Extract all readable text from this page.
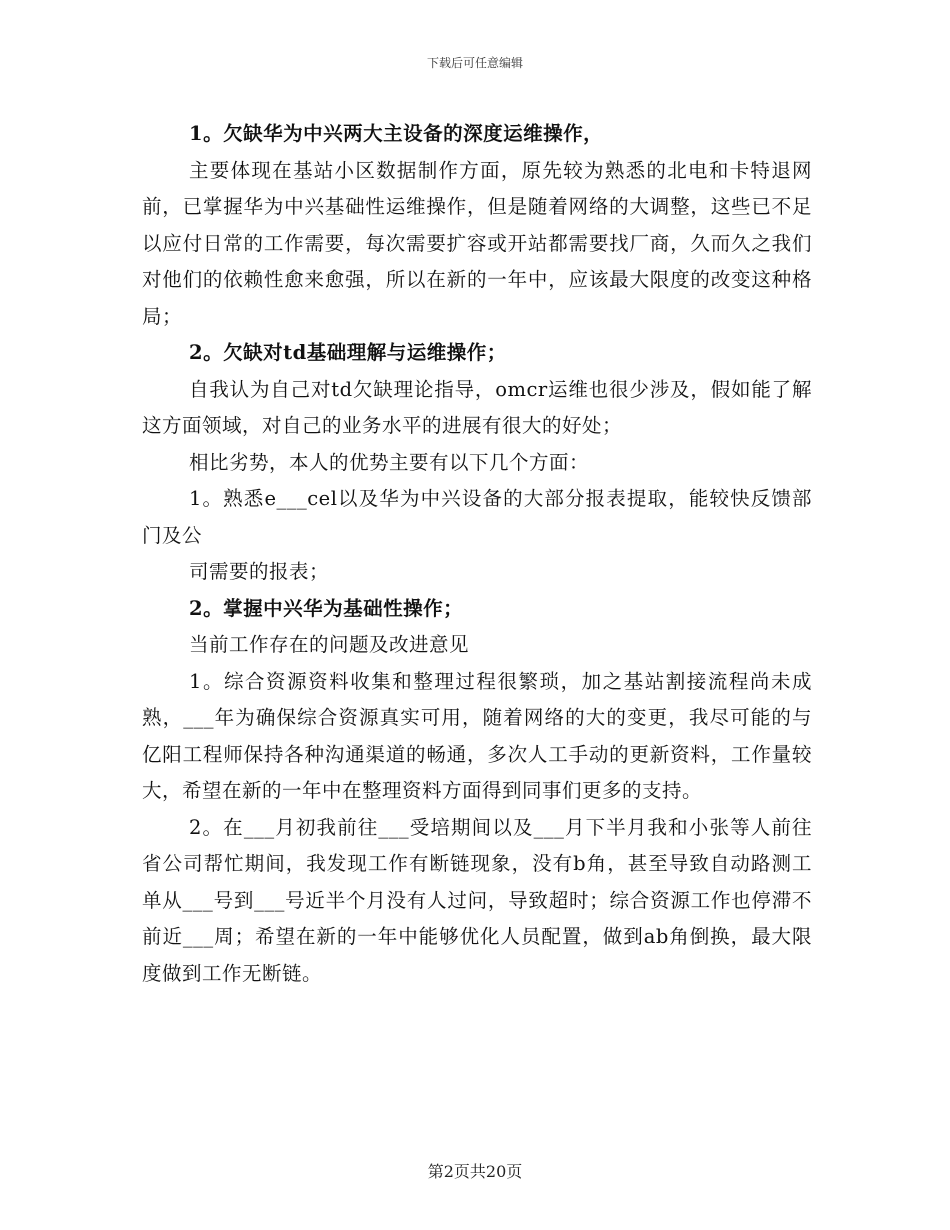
下载后可任意编辑

1。欠缺华为中兴两大主设备的深度运维操作，

主要体现在基站小区数据制作方面，原先较为熟悉的北电和卡特退网前，已掌握华为中兴基础性运维操作，但是随着网络的大调整，这些已不足以应付日常的工作需要，每次需要扩容或开站都需要找厂商，久而久之我们对他们的依赖性愈来愈强，所以在新的一年中，应该最大限度的改变这种格局；

2。欠缺对td基础理解与运维操作；

自我认为自己对td欠缺理论指导，omcr运维也很少涉及，假如能了解这方面领域，对自己的业务水平的进展有很大的好处；

相比劣势，本人的优势主要有以下几个方面：

1。熟悉e___cel以及华为中兴设备的大部分报表提取，能较快反馈部门及公

司需要的报表；

2。掌握中兴华为基础性操作；

当前工作存在的问题及改进意见

1。综合资源资料收集和整理过程很繁琐，加之基站割接流程尚未成熟，___年为确保综合资源真实可用，随着网络的大的变更，我尽可能的与亿阳工程师保持各种沟通渠道的畅通，多次人工手动的更新资料，工作量较大，希望在新的一年中在整理资料方面得到同事们更多的支持。

2。在___月初我前往___受培期间以及___月下半月我和小张等人前往省公司帮忙期间，我发现工作有断链现象，没有b角，甚至导致自动路测工单从___号到___号近半个月没有人过问，导致超时；综合资源工作也停滞不前近___周；希望在新的一年中能够优化人员配置，做到ab角倒换，最大限度做到工作无断链。

第2页共20页
